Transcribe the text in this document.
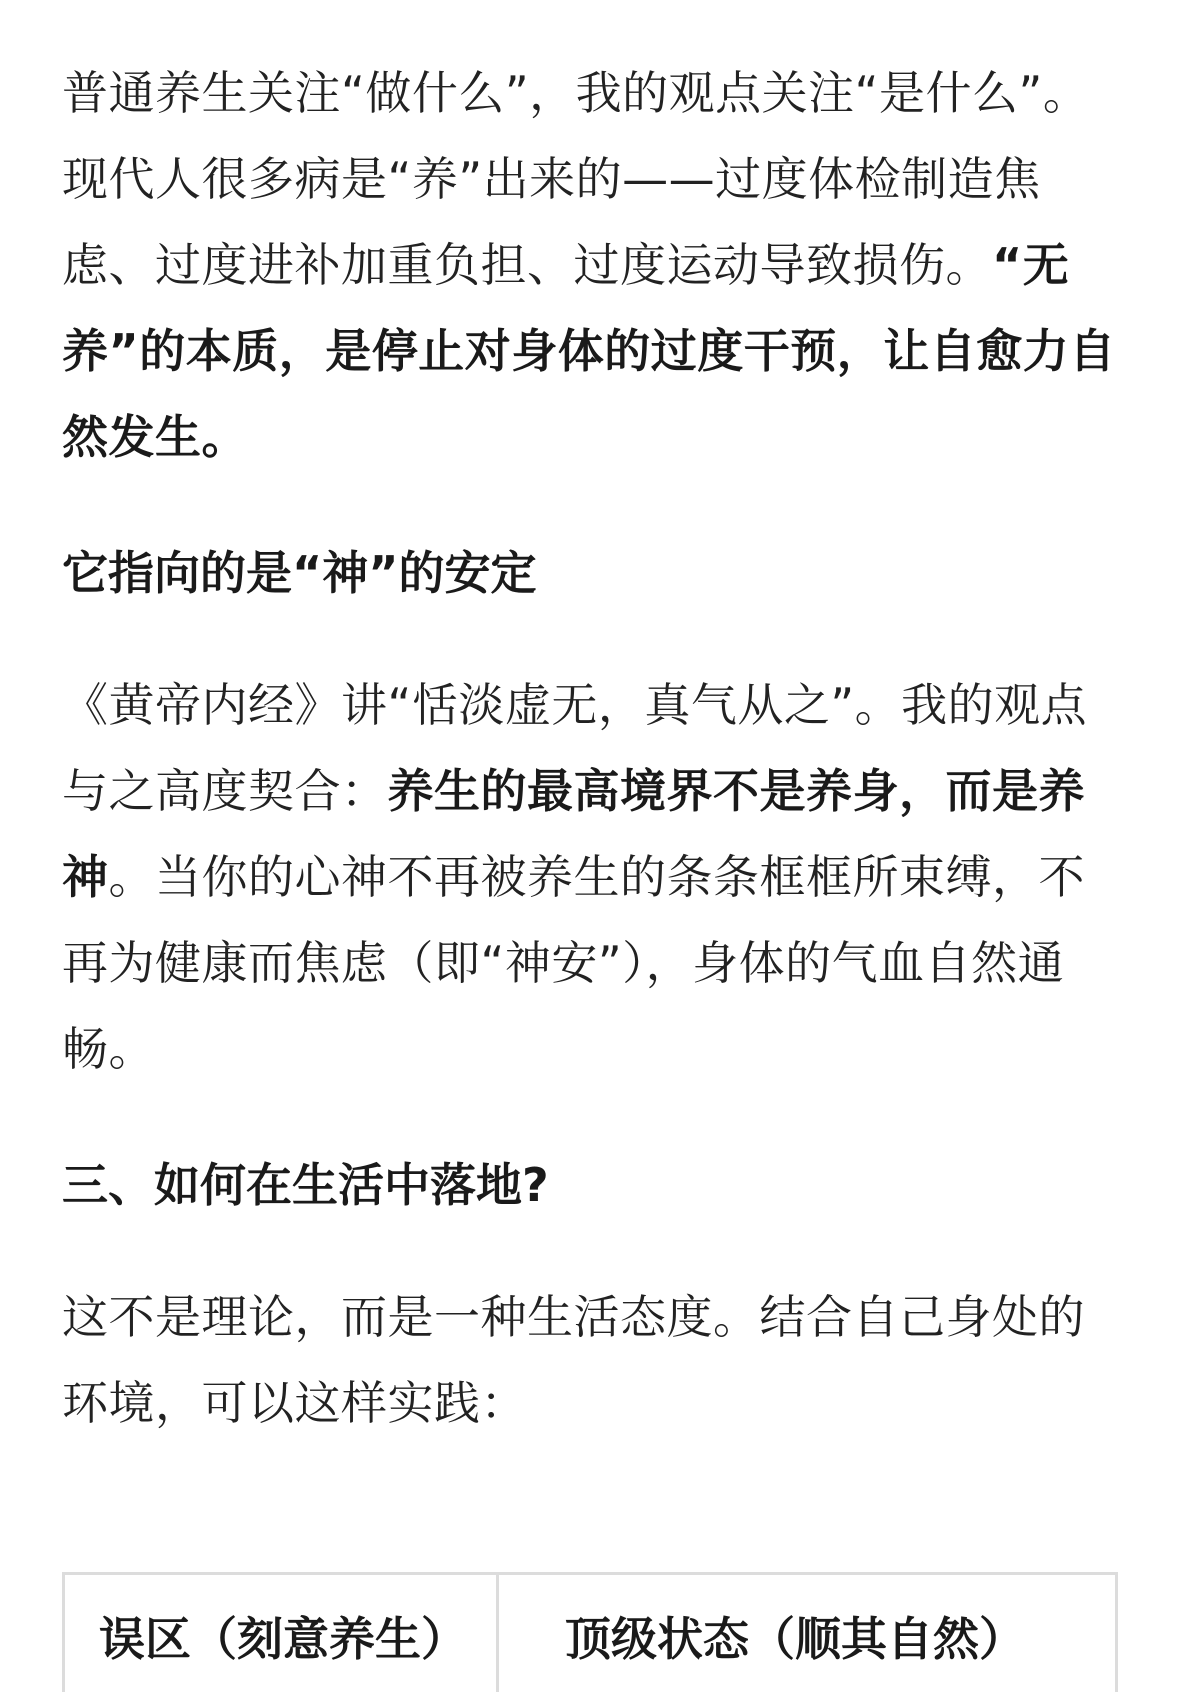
普通养生关注“做什么”，我的观点关注“是什么”。现代人很多病是“养”出来的——过度体检制造焦虑、过度进补加重负担、过度运动导致损伤。“无养”的本质，是停止对身体的过度干预，让自愈力自然发生。

它指向的是“神”的安定

《黄帝内经》讲“恬淡虚无，真气从之”。我的观点与之高度契合：养生的最高境界不是养身，而是养神。当你的心神不再被养生的条条框框所束缚，不再为健康而焦虑（即“神安”），身体的气血自然通畅。

三、如何在生活中落地?

这不是理论，而是一种生活态度。结合自己身处的环境，可以这样实践：

误区（刻意养生）	顶级状态（顺其自然）
